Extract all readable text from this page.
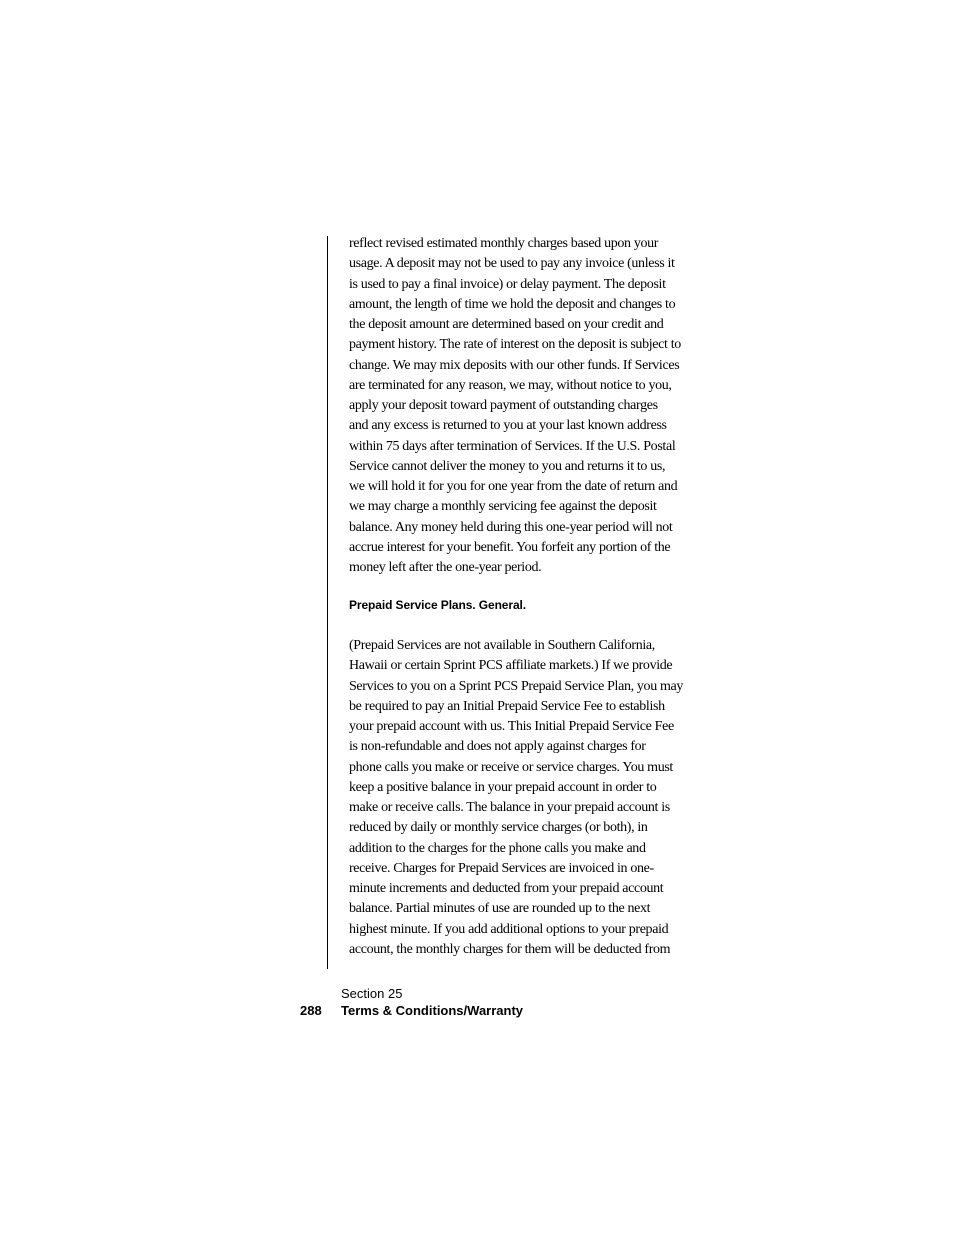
reflect revised estimated monthly charges based upon your
usage. A deposit may not be used to pay any invoice (unless it
is used to pay a final invoice) or delay payment. The deposit
amount, the length of time we hold the deposit and changes to
the deposit amount are determined based on your credit and
payment history. The rate of interest on the deposit is subject to
change. We may mix deposits with our other funds. If Services
are terminated for any reason, we may, without notice to you,
apply your deposit toward payment of outstanding charges
and any excess is returned to you at your last known address
within 75 days after termination of Services. If the U.S. Postal
Service cannot deliver the money to you and returns it to us,
we will hold it for you for one year from the date of return and
we may charge a monthly servicing fee against the deposit
balance. Any money held during this one-year period will not
accrue interest for your benefit. You forfeit any portion of the
money left after the one-year period.
Prepaid Service Plans. General.
(Prepaid Services are not available in Southern California,
Hawaii or certain Sprint PCS affiliate markets.) If we provide
Services to you on a Sprint PCS Prepaid Service Plan, you may
be required to pay an Initial Prepaid Service Fee to establish
your prepaid account with us. This Initial Prepaid Service Fee
is non-refundable and does not apply against charges for
phone calls you make or receive or service charges. You must
keep a positive balance in your prepaid account in order to
make or receive calls. The balance in your prepaid account is
reduced by daily or monthly service charges (or both), in
addition to the charges for the phone calls you make and
receive. Charges for Prepaid Services are invoiced in one-
minute increments and deducted from your prepaid account
balance. Partial minutes of use are rounded up to the next
highest minute. If you add additional options to your prepaid
account, the monthly charges for them will be deducted from
Section 25
288 Terms & Conditions/Warranty
